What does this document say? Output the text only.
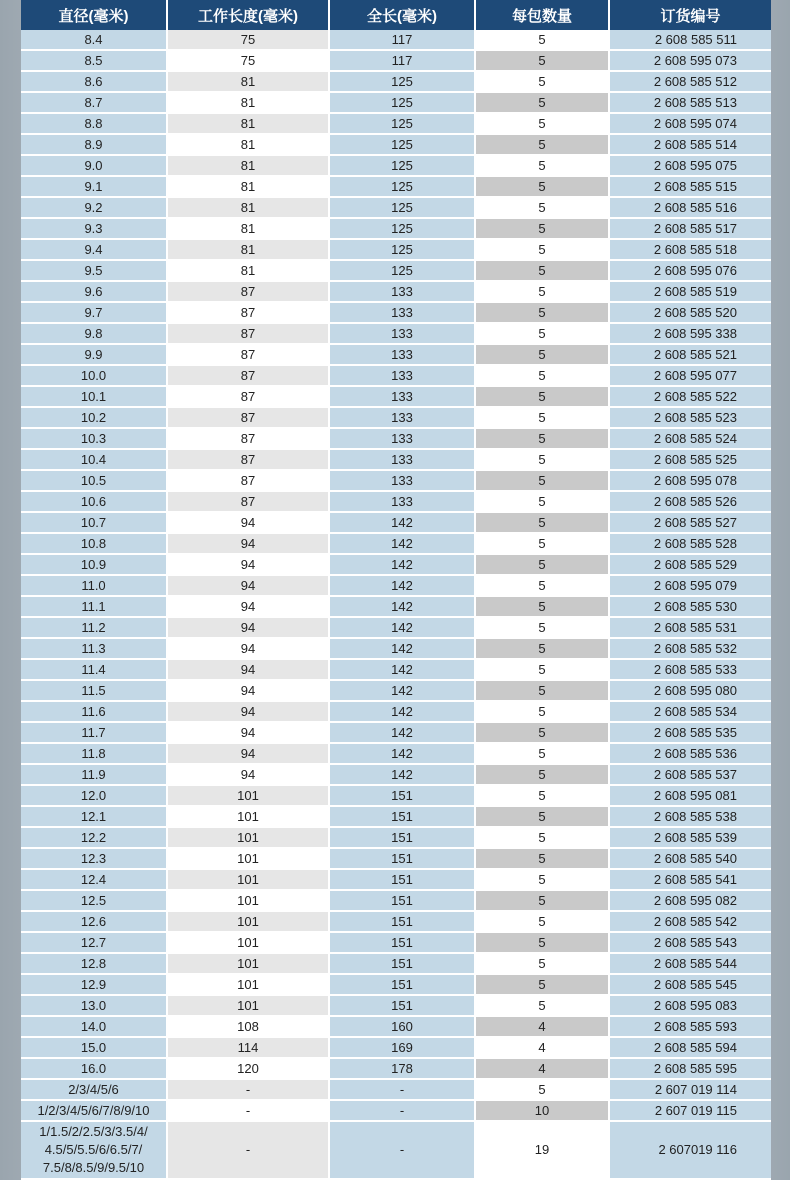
直径(毫米)	工作长度(毫米)	全长(毫米)	每包数量	订货编号
8.4	75	117	5	2 608 585 511
8.5	75	117	5	2 608 595 073
8.6	81	125	5	2 608 585 512
8.7	81	125	5	2 608 585 513
8.8	81	125	5	2 608 595 074
8.9	81	125	5	2 608 585 514
9.0	81	125	5	2 608 595 075
9.1	81	125	5	2 608 585 515
9.2	81	125	5	2 608 585 516
9.3	81	125	5	2 608 585 517
9.4	81	125	5	2 608 585 518
9.5	81	125	5	2 608 595 076
9.6	87	133	5	2 608 585 519
9.7	87	133	5	2 608 585 520
9.8	87	133	5	2 608 595 338
9.9	87	133	5	2 608 585 521
10.0	87	133	5	2 608 595 077
10.1	87	133	5	2 608 585 522
10.2	87	133	5	2 608 585 523
10.3	87	133	5	2 608 585 524
10.4	87	133	5	2 608 585 525
10.5	87	133	5	2 608 595 078
10.6	87	133	5	2 608 585 526
10.7	94	142	5	2 608 585 527
10.8	94	142	5	2 608 585 528
10.9	94	142	5	2 608 585 529
11.0	94	142	5	2 608 595 079
11.1	94	142	5	2 608 585 530
11.2	94	142	5	2 608 585 531
11.3	94	142	5	2 608 585 532
11.4	94	142	5	2 608 585 533
11.5	94	142	5	2 608 595 080
11.6	94	142	5	2 608 585 534
11.7	94	142	5	2 608 585 535
11.8	94	142	5	2 608 585 536
11.9	94	142	5	2 608 585 537
12.0	101	151	5	2 608 595 081
12.1	101	151	5	2 608 585 538
12.2	101	151	5	2 608 585 539
12.3	101	151	5	2 608 585 540
12.4	101	151	5	2 608 585 541
12.5	101	151	5	2 608 595 082
12.6	101	151	5	2 608 585 542
12.7	101	151	5	2 608 585 543
12.8	101	151	5	2 608 585 544
12.9	101	151	5	2 608 585 545
13.0	101	151	5	2 608 595 083
14.0	108	160	4	2 608 585 593
15.0	114	169	4	2 608 585 594
16.0	120	178	4	2 608 585 595
2/3/4/5/6	-	-	5	2 607 019 114
1/2/3/4/5/6/7/8/9/10	-	-	10	2 607 019 115
1/1.5/2/2.5/3/3.5/4/ 4.5/5/5.5/6/6.5/7/ 7.5/8/8.5/9/9.5/10	-	-	19	2 607019 116
